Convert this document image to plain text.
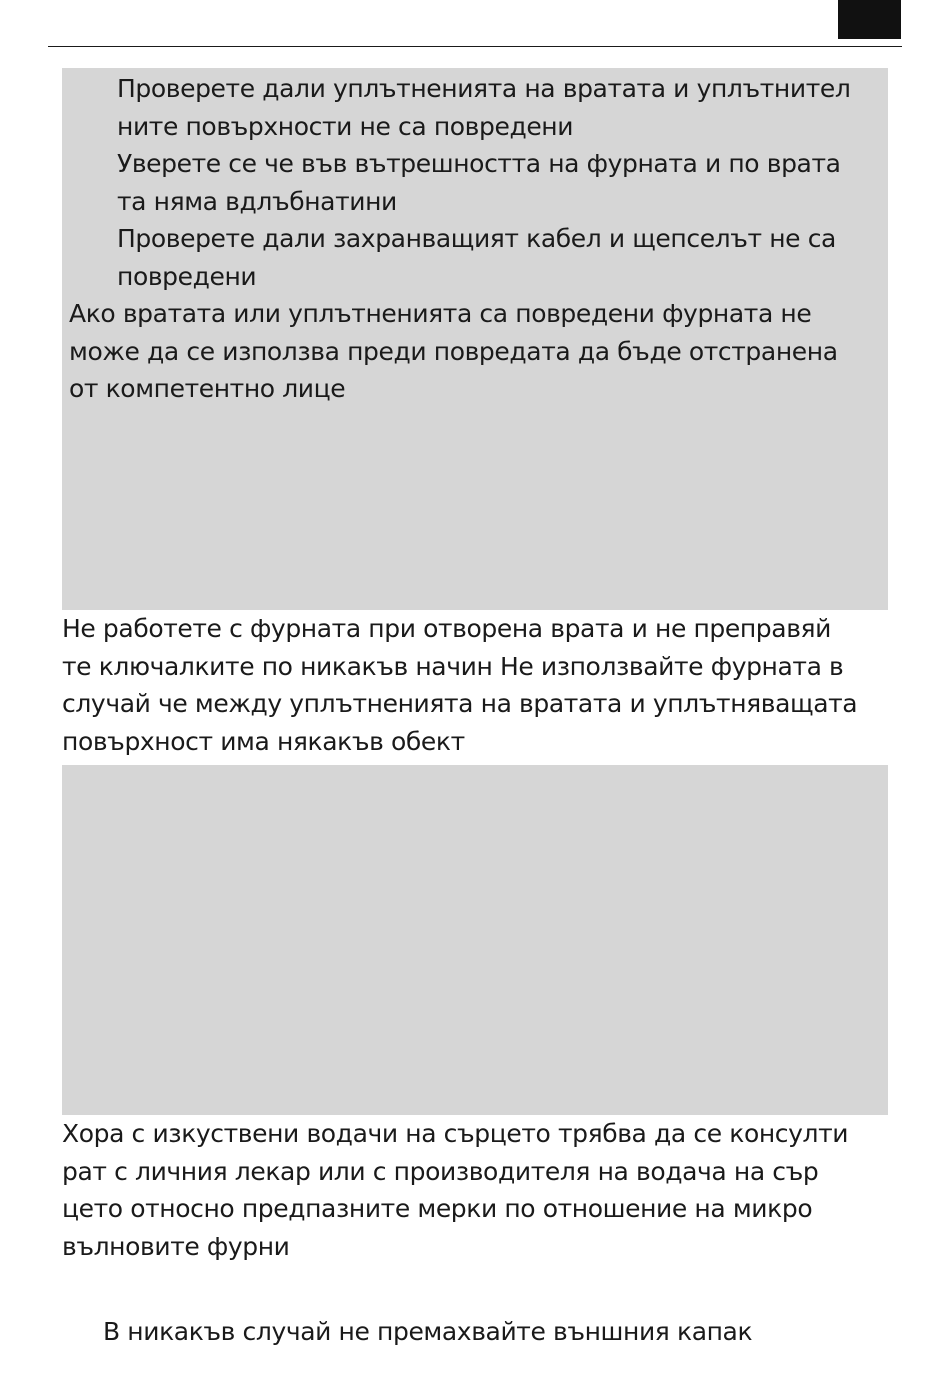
Проверете дали уплътненията на вратата и уплътнител
ните повърхности не са повредени

Уверете се че във вътрешността на фурната и по врата
та няма вдлъбнатини

Проверете дали захранващият кабел и щепселът не са
повредени

Ако вратата или уплътненията са повредени фурната не
може да се използва преди повредата да бъде отстранена
от компетентно лице

Не работете с фурната при отворена врата и не преправяй
те ключалките по никакъв начин Не използвайте фурната в
случай че между уплътненията на вратата и уплътняващата
повърхност има някакъв обект

Хора с изкуствени водачи на сърцето трябва да се консулти
рат с личния лекар или с производителя на водача на сър
цето относно предпазните мерки по отношение на микро
вълновите фурни

В никакъв случай не премахвайте външния капак
